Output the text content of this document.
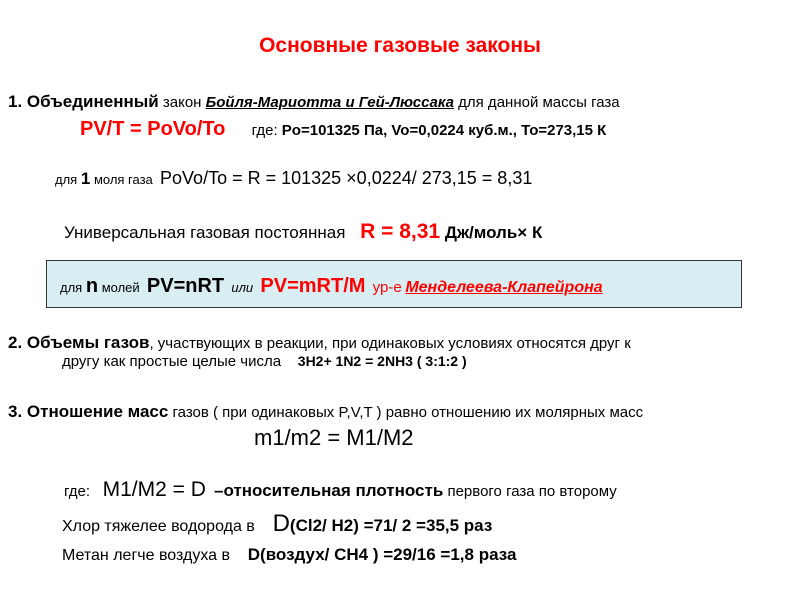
Основные газовые законы
1. Объединенный закон Бойля-Мариотта и Гей-Люссака для данной массы газа
PV/T = PoVo/To где: Po=101325 Па, Vo=0,0224 куб.м., To=273,15 К
для 1 моля газа PoVo/To = R = 101325 ×0,0224/ 273,15 = 8,31
Универсальная газовая постоянная R = 8,31 Дж/моль× К
для n молей PV=nRT или PV=mRT/M ур-е Менделеева-Клапейрона
2. Объемы газов, участвующих в реакции, при одинаковых условиях относятся друг к
другу как простые целые числа 3H2+ 1N2 = 2NH3 ( 3:1:2 )
3. Отношение масс газов ( при одинаковых P,V,T ) равно отношению их молярных масс
m1/m2 = M1/M2
где: M1/M2 = D –относительная плотность первого газа по второму
Хлор тяжелее водорода в D(Cl2/ H2) =71/ 2 =35,5 раз
Метан легче воздуха в D(воздух/ CH4 ) =29/16 =1,8 раза
